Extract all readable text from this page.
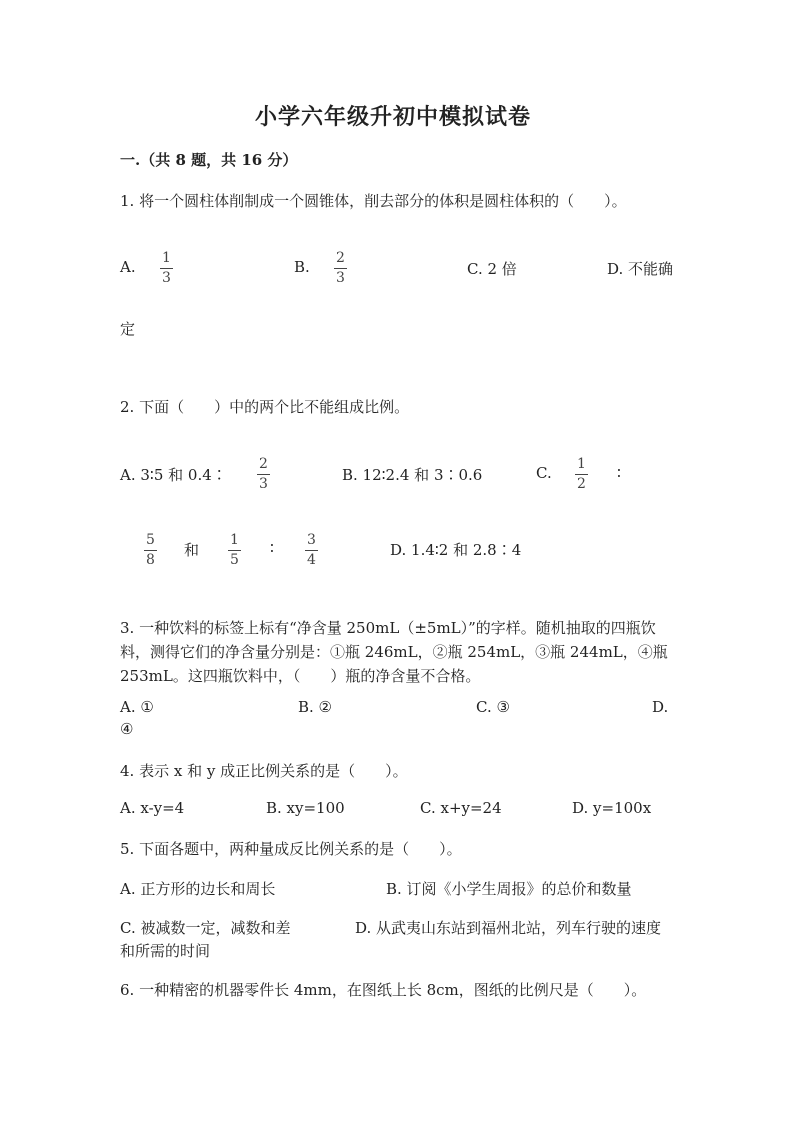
小学六年级升初中模拟试卷
一.（共 8 题，共 16 分）
1. 将一个圆柱体削制成一个圆锥体，削去部分的体积是圆柱体积的（　　）。
A. 1
3
B. 2
3	C. 2 倍	D. 不能确
定
2. 下面（　　）中的两个比不能组成比例。
A. 3∶5 和 0.4∶
2
3	B. 12∶2.4 和 3∶0.6	C. 1
2
∶
5
8
和
1
5
∶ 3
4
D. 1.4∶2 和 2.8∶4
3. 一种饮料的标签上标有“净含量 250mL（±5mL）”的字样。随机抽取的四瓶饮
料，测得它们的净含量分别是：①瓶 246mL，②瓶 254mL，③瓶 244mL，④瓶
253mL。这四瓶饮料中，（　　）瓶的净含量不合格。
A. ①	B. ②	C. ③	D.
④
4. 表示 x 和 y 成正比例关系的是（　　）。
A. x-y=4	B. xy=100	C. x+y=24	D. y=100x
5. 下面各题中，两种量成反比例关系的是（　　）。
A. 正方形的边长和周长	B. 订阅《小学生周报》的总价和数量
C. 被减数一定，减数和差	D. 从武夷山东站到福州北站，列车行驶的速度
和所需的时间
6. 一种精密的机器零件长 4mm，在图纸上长 8cm，图纸的比例尺是（　　）。
